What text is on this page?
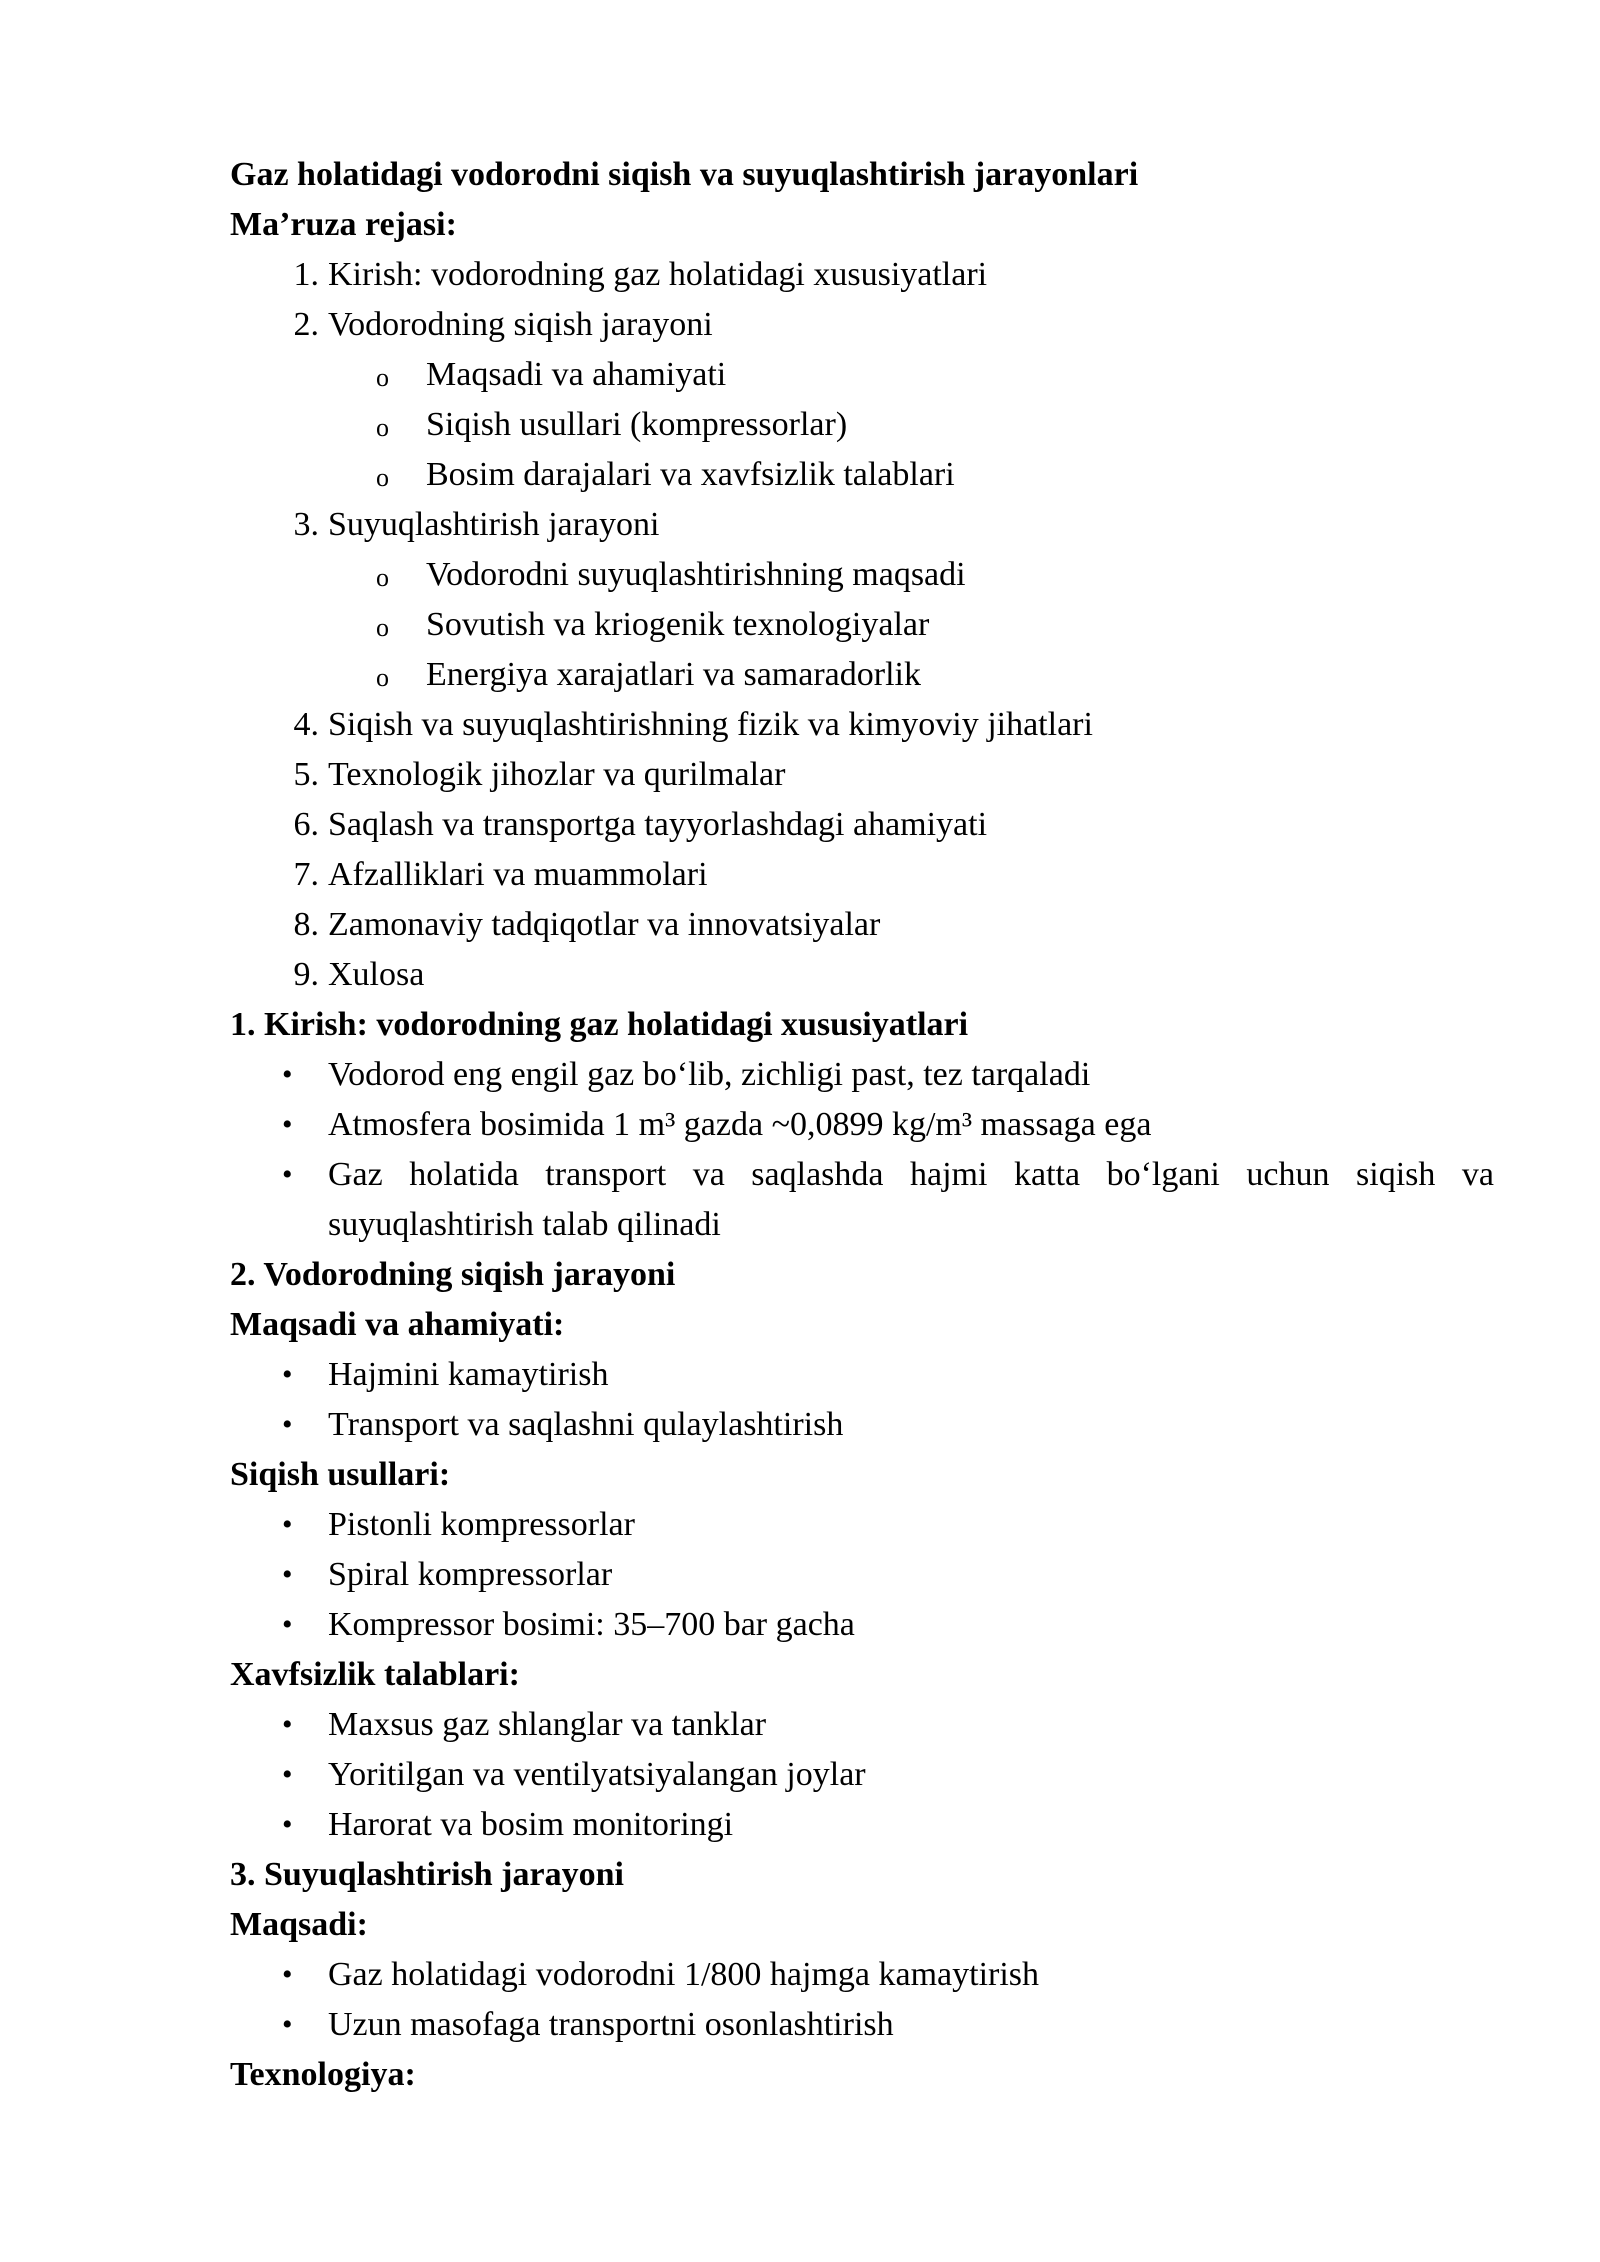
Gaz holatidagi vodorodni siqish va suyuqlashtirish jarayonlari
Ma’ruza rejasi:
1. Kirish: vodorodning gaz holatidagi xususiyatlari
2. Vodorodning siqish jarayoni
o Maqsadi va ahamiyati
o Siqish usullari (kompressorlar)
o Bosim darajalari va xavfsizlik talablari
3. Suyuqlashtirish jarayoni
o Vodorodni suyuqlashtirishning maqsadi
o Sovutish va kriogenik texnologiyalar
o Energiya xarajatlari va samaradorlik
4. Siqish va suyuqlashtirishning fizik va kimyoviy jihatlari
5. Texnologik jihozlar va qurilmalar
6. Saqlash va transportga tayyorlashdagi ahamiyati
7. Afzalliklari va muammolari
8. Zamonaviy tadqiqotlar va innovatsiyalar
9. Xulosa
1. Kirish: vodorodning gaz holatidagi xususiyatlari
• Vodorod eng engil gaz bo‘lib, zichligi past, tez tarqaladi
• Atmosfera bosimida 1 m³ gazda ~0,0899 kg/m³ massaga ega
• Gaz holatida transport va saqlashda hajmi katta bo‘lgani uchun siqish va suyuqlashtirish talab qilinadi
2. Vodorodning siqish jarayoni
Maqsadi va ahamiyati:
• Hajmini kamaytirish
• Transport va saqlashni qulaylashtirish
Siqish usullari:
• Pistonli kompressorlar
• Spiral kompressorlar
• Kompressor bosimi: 35–700 bar gacha
Xavfsizlik talablari:
• Maxsus gaz shlanglar va tanklar
• Yoritilgan va ventilyatsiyalangan joylar
• Harorat va bosim monitoringi
3. Suyuqlashtirish jarayoni
Maqsadi:
• Gaz holatidagi vodorodni 1/800 hajmga kamaytirish
• Uzun masofaga transportni osonlashtirish
Texnologiya:
